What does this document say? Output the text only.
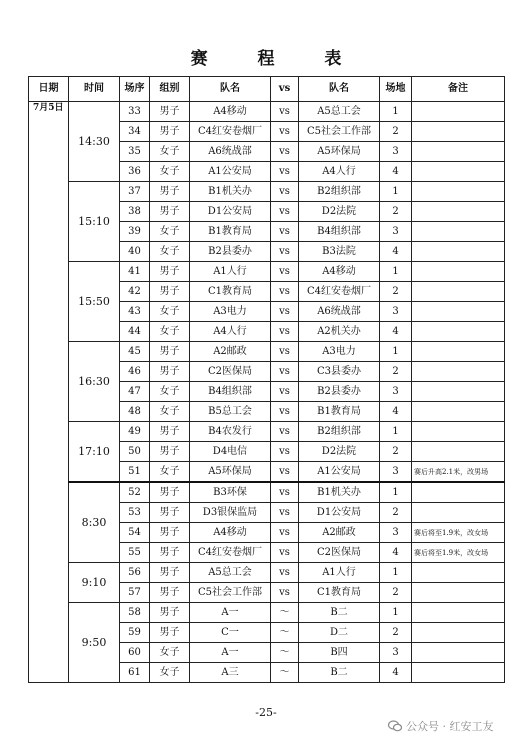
赛 程 表
日期	时间	场序	组别	队名	vs	队名	场地	备注
7月5日	14:30	33	男子	A4移动	vs	A5总工会	1	
		34	男子	C4红安卷烟厂	vs	C5社会工作部	2	
		35	女子	A6统战部	vs	A5环保局	3	
		36	女子	A1公安局	vs	A4人行	4	
	15:10	37	男子	B1机关办	vs	B2组织部	1	
		38	男子	D1公安局	vs	D2法院	2	
		39	女子	B1教育局	vs	B4组织部	3	
		40	女子	B2县委办	vs	B3法院	4	
	15:50	41	男子	A1人行	vs	A4移动	1	
		42	男子	C1教育局	vs	C4红安卷烟厂	2	
		43	女子	A3电力	vs	A6统战部	3	
		44	女子	A4人行	vs	A2机关办	4	
	16:30	45	男子	A2邮政	vs	A3电力	1	
		46	男子	C2医保局	vs	C3县委办	2	
		47	女子	B4组织部	vs	B2县委办	3	
		48	女子	B5总工会	vs	B1教育局	4	
	17:10	49	男子	B4农发行	vs	B2组织部	1	
		50	男子	D4电信	vs	D2法院	2	
		51	女子	A5环保局	vs	A1公安局	3	赛后升高2.1米，改男场
	8:30	52	男子	B3环保	vs	B1机关办	1	
		53	男子	D3银保监局	vs	D1公安局	2	
		54	男子	A4移动	vs	A2邮政	3	赛后将至1.9米，改女场
		55	男子	C4红安卷烟厂	vs	C2医保局	4	赛后将至1.9米，改女场
	9:10	56	男子	A5总工会	vs	A1人行	1	
		57	男子	C5社会工作部	vs	C1教育局	2	
	9:50	58	男子	A一	～	B二	1	
		59	男子	C一	～	D二	2	
		60	女子	A一	～	B四	3	
		61	女子	A三	～	B二	4	
-25-
公众号 · 红安工友
